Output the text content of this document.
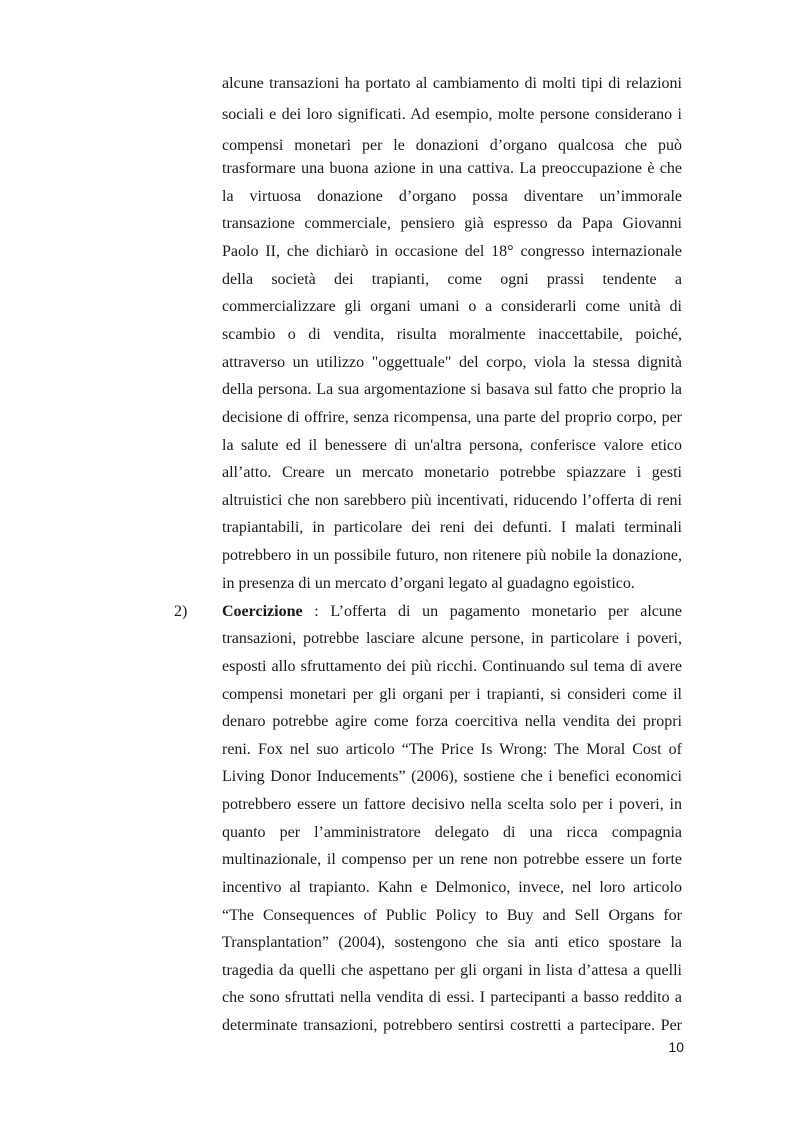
alcune transazioni ha portato al cambiamento di molti tipi di relazioni
sociali e dei loro significati. Ad esempio, molte persone considerano i
compensi monetari per le donazioni d’organo qualcosa che può
trasformare una buona azione in una cattiva. La preoccupazione è che
la virtuosa donazione d’organo possa diventare un’immorale
transazione commerciale, pensiero già espresso da Papa Giovanni
Paolo II, che dichiarò in occasione del 18° congresso internazionale
della società dei trapianti, come ogni prassi tendente a
commercializzare gli organi umani o a considerarli come unità di
scambio o di vendita, risulta moralmente inaccettabile, poiché,
attraverso un utilizzo "oggettuale" del corpo, viola la stessa dignità
della persona. La sua argomentazione si basava sul fatto che proprio la
decisione di offrire, senza ricompensa, una parte del proprio corpo, per
la salute ed il benessere di un'altra persona, conferisce valore etico
all’atto. Creare un mercato monetario potrebbe spiazzare i gesti
altruistici che non sarebbero più incentivati, riducendo l’offerta di reni
trapiantabili, in particolare dei reni dei defunti. I malati terminali
potrebbero in un possibile futuro, non ritenere più nobile la donazione,
in presenza di un mercato d’organi legato al guadagno egoistico.
2) Coercizione : L’offerta di un pagamento monetario per alcune
transazioni, potrebbe lasciare alcune persone, in particolare i poveri,
esposti allo sfruttamento dei più ricchi. Continuando sul tema di avere
compensi monetari per gli organi per i trapianti, si consideri come il
denaro potrebbe agire come forza coercitiva nella vendita dei propri
reni. Fox nel suo articolo “The Price Is Wrong: The Moral Cost of
Living Donor Inducements” (2006), sostiene che i benefici economici
potrebbero essere un fattore decisivo nella scelta solo per i poveri, in
quanto per l’amministratore delegato di una ricca compagnia
multinazionale, il compenso per un rene non potrebbe essere un forte
incentivo al trapianto. Kahn e Delmonico, invece, nel loro articolo
“The Consequences of Public Policy to Buy and Sell Organs for
Transplantation” (2004), sostengono che sia anti etico spostare la
tragedia da quelli che aspettano per gli organi in lista d’attesa a quelli
che sono sfruttati nella vendita di essi. I partecipanti a basso reddito a
determinate transazioni, potrebbero sentirsi costretti a partecipare. Per
10
